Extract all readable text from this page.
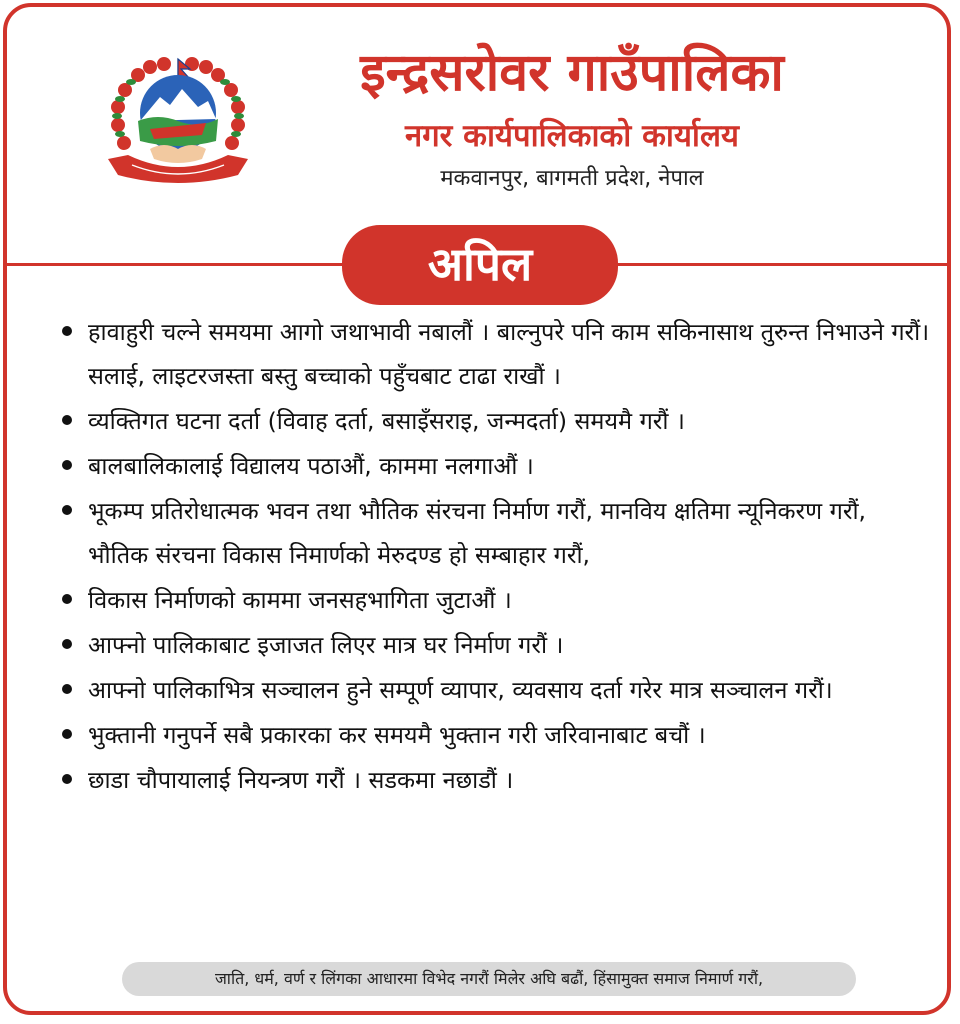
इन्द्रसरोवर गाउँपालिका
नगर कार्यपालिकाको कार्यालय
मकवानपुर, बागमती प्रदेश, नेपाल
अपिल
हावाहुरी चल्ने समयमा आगो जथाभावी नबालौं । बाल्नुपरे पनि काम सकिनासाथ तुरुन्त निभाउने गरौं। सलाई, लाइटरजस्ता बस्तु बच्चाको पहुँचबाट टाढा राखौं ।
व्यक्तिगत घटना दर्ता (विवाह दर्ता, बसाइँसराइ, जन्मदर्ता) समयमै गरौं ।
बालबालिकालाई विद्यालय पठाऔं, काममा नलगाऔं ।
भूकम्प प्रतिरोधात्मक भवन तथा भौतिक संरचना निर्माण गरौं, मानविय क्षतिमा न्यूनिकरण गरौं, भौतिक संरचना विकास निमार्णको मेरुदण्ड हो सम्बाहार गरौं,
विकास निर्माणको काममा जनसहभागिता जुटाऔं ।
आफ्नो पालिकाबाट इजाजत लिएर मात्र घर निर्माण गरौं ।
आफ्नो पालिकाभित्र सञ्चालन हुने सम्पूर्ण व्यापार, व्यवसाय दर्ता गरेर मात्र सञ्चालन गरौं।
भुक्तानी गनुपर्ने सबै प्रकारका कर समयमै भुक्तान गरी जरिवानाबाट बचौं ।
छाडा चौपायालाई नियन्त्रण गरौं । सडकमा नछाडौं ।
जाति, धर्म, वर्ण र लिंगका आधारमा विभेद नगरौं मिलेर अघि बढौं, हिंसामुक्त समाज निमार्ण गरौं,
